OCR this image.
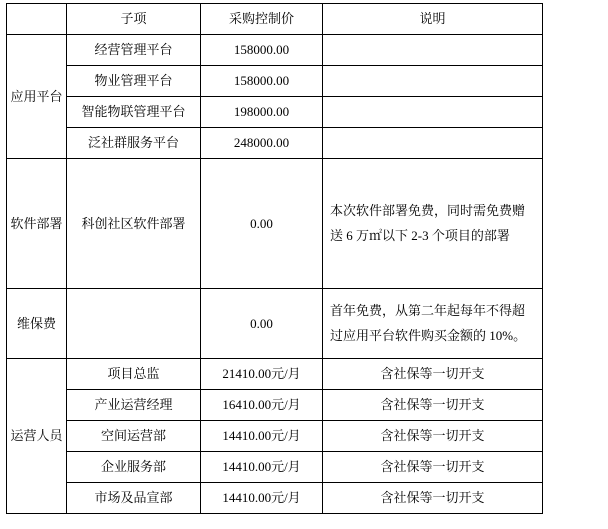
	子项	采购控制价	说明

应用平台	经营管理平台	158000.00	
	物业管理平台	158000.00	
	智能物联管理平台	198000.00	
	泛社群服务平台	248000.00	

软件部署	科创社区软件部署	0.00	本次软件部署免费，同时需免费赠送 6 万㎡以下 2-3 个项目的部署

维保费		0.00	首年免费，从第二年起每年不得超过应用平台软件购买金额的 10%。

运营人员	项目总监	21410.00元/月	含社保等一切开支
	产业运营经理	16410.00元/月	含社保等一切开支
	空间运营部	14410.00元/月	含社保等一切开支
	企业服务部	14410.00元/月	含社保等一切开支
	市场及品宣部	14410.00元/月	含社保等一切开支
